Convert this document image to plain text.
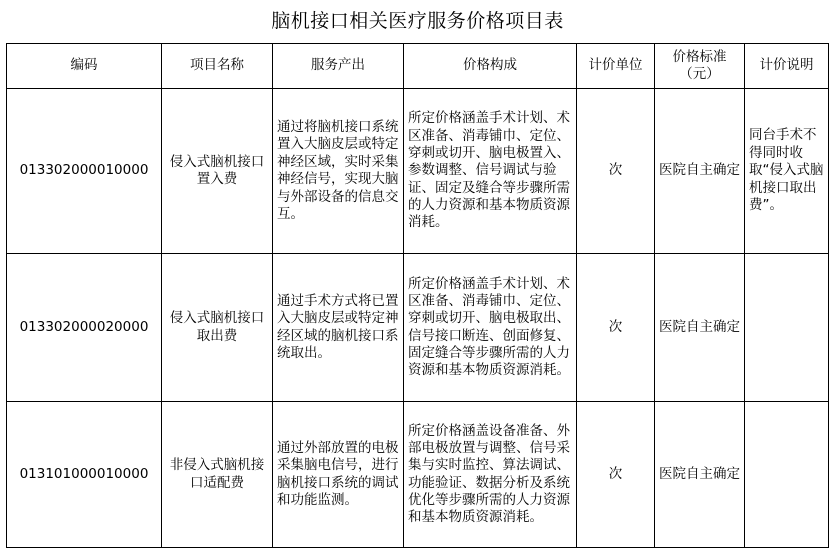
脑机接口相关医疗服务价格项目表
编码	项目名称	服务产出	价格构成	计价单位	价格标准（元）	计价说明
013302000010000	侵入式脑机接口置入费	通过将脑机接口系统置入大脑皮层或特定神经区域，实时采集神经信号，实现大脑与外部设备的信息交互。	所定价格涵盖手术计划、术区准备、消毒铺巾、定位、穿刺或切开、脑电极置入、参数调整、信号调试与验证、固定及缝合等步骤所需的人力资源和基本物质资源消耗。	次	医院自主确定	同台手术不得同时收取“侵入式脑机接口取出费”。
013302000020000	侵入式脑机接口取出费	通过手术方式将已置入大脑皮层或特定神经区域的脑机接口系统取出。	所定价格涵盖手术计划、术区准备、消毒铺巾、定位、穿刺或切开、脑电极取出、信号接口断连、创面修复、固定缝合等步骤所需的人力资源和基本物质资源消耗。	次	医院自主确定	
013101000010000	非侵入式脑机接口适配费	通过外部放置的电极采集脑电信号，进行脑机接口系统的调试和功能监测。	所定价格涵盖设备准备、外部电极放置与调整、信号采集与实时监控、算法调试、功能验证、数据分析及系统优化等步骤所需的人力资源和基本物质资源消耗。	次	医院自主确定	
